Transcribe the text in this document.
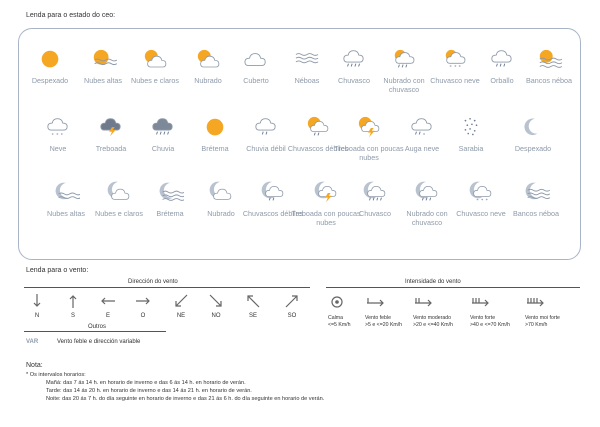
Lenda para o estado do ceo:
Lenda para o vento:
Dirección do vento
Outros
VAR	Vento feble e dirección variable
Intensidade do vento
Nota:
* Os intervalos horarios:
Mañá: das 7 ás 14 h. en horario de inverno e das 6 ás 14 h. en horario de verán.
Tarde: das 14 ás 20 h. en horario de inverno e das 14 ás 21 h. en horario de verán.
Noite: das 20 ás 7 h. do día seguinte en horario de inverno e das 21 ás 6 h. do día seguinte en horario de verán.
Despexado	Nubes altas	Nubes e claros	Nubrado	Cuberto	Néboas	Chuvasco	Nubrado con chuvasco
* * *
Chuvasco neve	Orballo	Bancos néboa
* * *
Neve	Treboada	Chuvia	Brétema	Chuvia débil Chuvascos débiles
Treboada con poucas nubes
*
Auga neve	Sarabia	Despexado
Nubes altas	Nubes e claros	Brétema	Nubrado	Chuvascos débiles
Treboada con poucas nubes
Chuvasco	Nubrado con chuvasco
* * *
Chuvasco neve	Bancos néboa
N	S	E	O	NE	NO	SE	SO	Calma
<=5 Km/h
Vento feble
>5 e <=20 Km/h
Vento moderado
>20 e <=40 Km/h
Vento forte
>40 e <=70 Km/h
Vento moi forte
>70 Km/h
